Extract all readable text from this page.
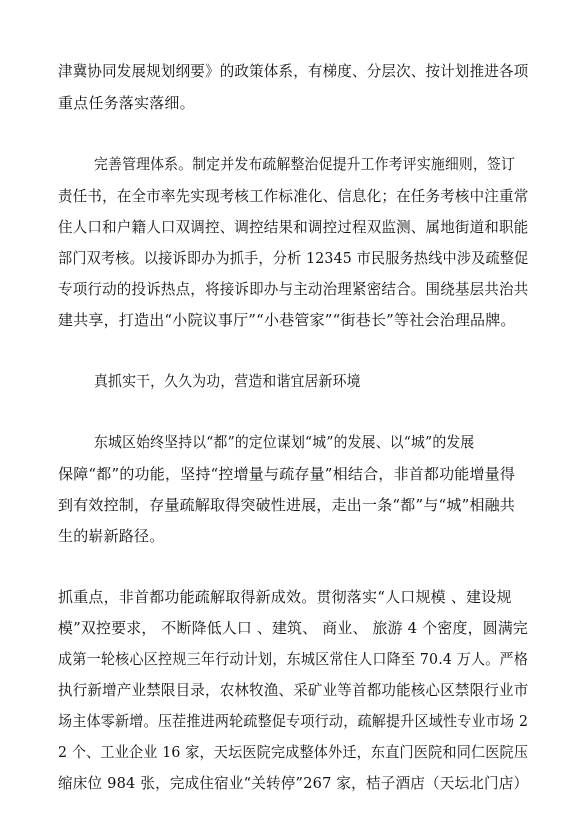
津冀协同发展规划纲要》的政策体系，有梯度、分层次、按计划推进各项
重点任务落实落细。
完善管理体系。制定并发布疏解整治促提升工作考评实施细则，签订
责任书，在全市率先实现考核工作标准化、信息化；在任务考核中注重常
住人口和户籍人口双调控、调控结果和调控过程双监测、属地街道和职能
部门双考核。以接诉即办为抓手，分析 12345 市民服务热线中涉及疏整促
专项行动的投诉热点，将接诉即办与主动治理紧密结合。围绕基层共治共
建共享，打造出“小院议事厅”“小巷管家”“街巷长”等社会治理品牌。
真抓实干，久久为功，营造和谐宜居新环境
东城区始终坚持以“都”的定位谋划“城”的发展、以“城”的发展
保障“都”的功能，坚持“控增量与疏存量”相结合，非首都功能增量得
到有效控制，存量疏解取得突破性进展，走出一条“都”与“城”相融共
生的崭新路径。
抓重点，非首都功能疏解取得新成效。贯彻落实“人口规模 、建设规
模”双控要求， 不断降低人口 、建筑、 商业、 旅游 4 个密度，圆满完
成第一轮核心区控规三年行动计划，东城区常住人口降至 70.4 万人。严格
执行新增产业禁限目录，农林牧渔、采矿业等首都功能核心区禁限行业市
场主体零新增。压茬推进两轮疏整促专项行动，疏解提升区域性专业市场 2
2 个、工业企业 16 家，天坛医院完成整体外迁，东直门医院和同仁医院压
缩床位 984 张，完成住宿业“关转停”267 家，桔子酒店（天坛北门店）
